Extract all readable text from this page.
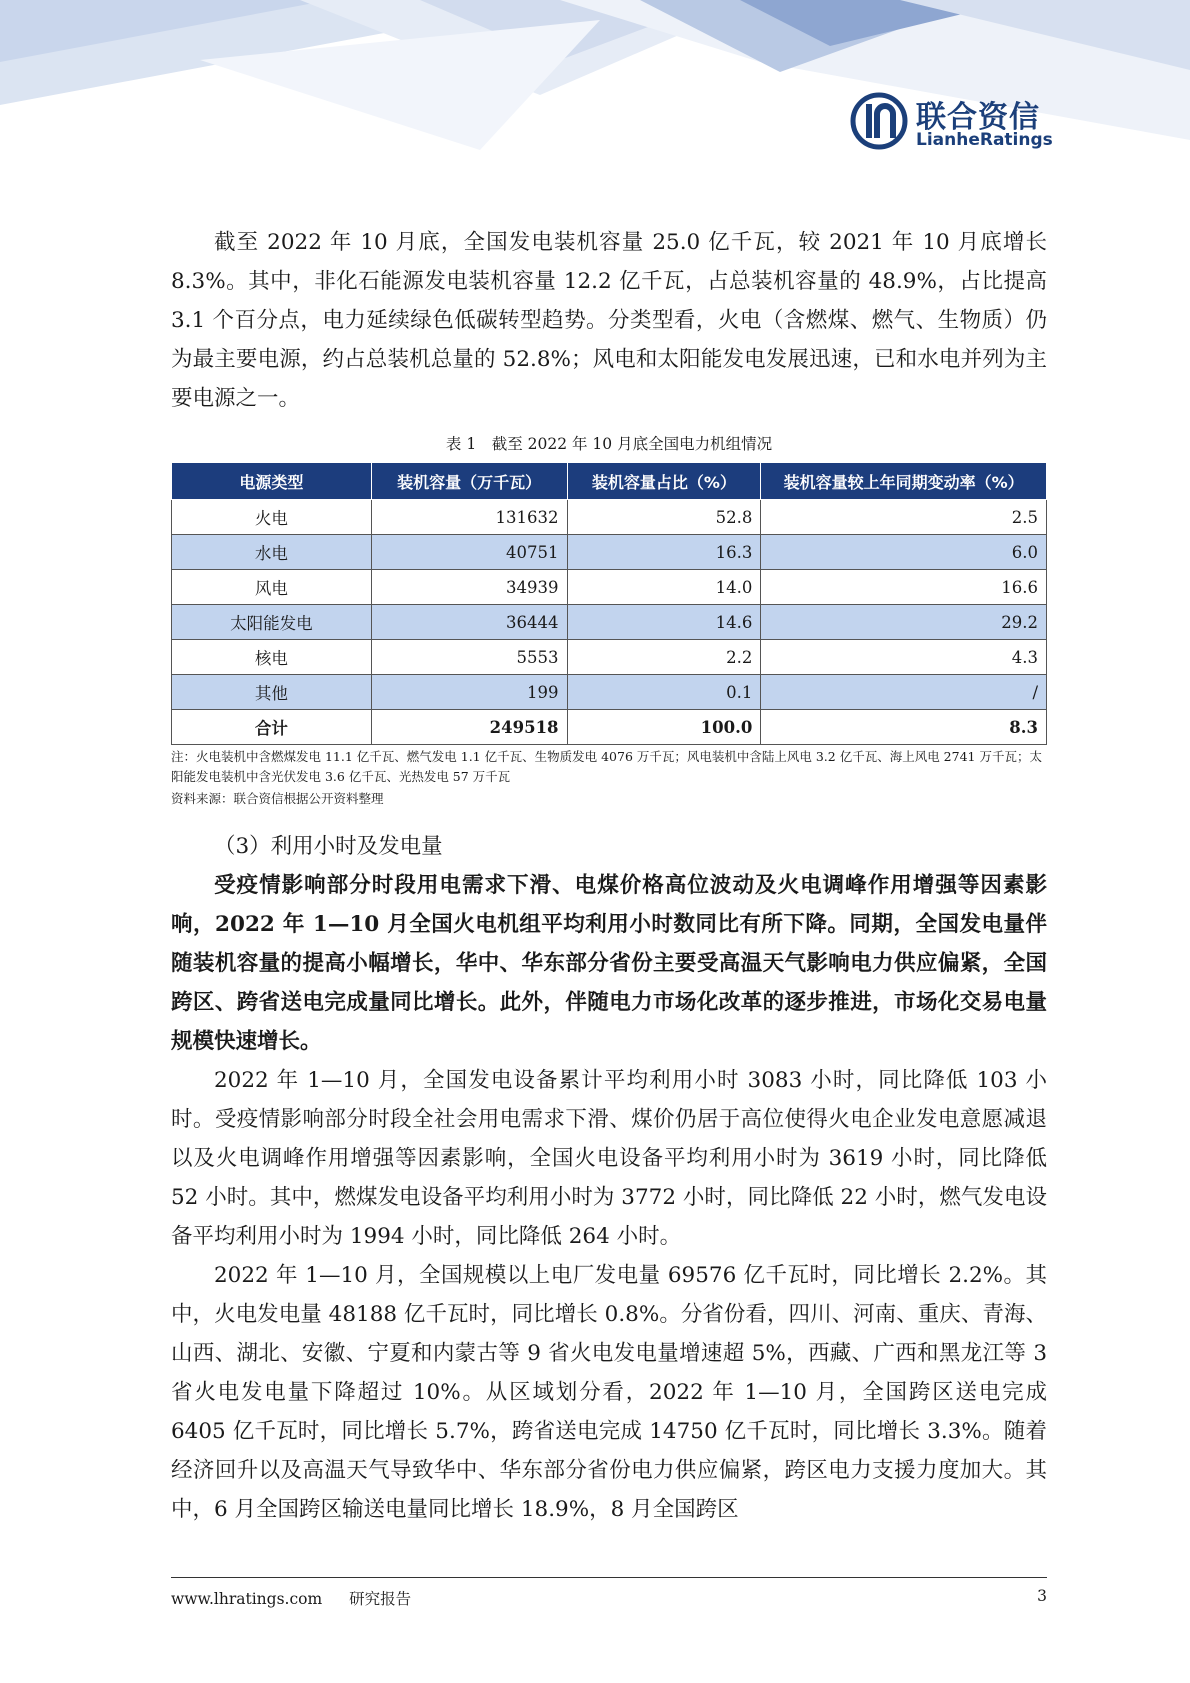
联合资信
LianheRatings

截至 2022 年 10 月底，全国发电装机容量 25.0 亿千瓦，较 2021 年 10 月底增长 8.3%。其中，非化石能源发电装机容量 12.2 亿千瓦，占总装机容量的 48.9%，占比提高 3.1 个百分点，电力延续绿色低碳转型趋势。分类型看，火电（含燃煤、燃气、生物质）仍为最主要电源，约占总装机总量的 52.8%；风电和太阳能发电发展迅速，已和水电并列为主要电源之一。

表 1　截至 2022 年 10 月底全国电力机组情况
电源类型	装机容量（万千瓦）	装机容量占比（%）	装机容量较上年同期变动率（%）
火电	131632	52.8	2.5
水电	40751	16.3	6.0
风电	34939	14.0	16.6
太阳能发电	36444	14.6	29.2
核电	5553	2.2	4.3
其他	199	0.1	/
合计	249518	100.0	8.3
注：火电装机中含燃煤发电 11.1 亿千瓦、燃气发电 1.1 亿千瓦、生物质发电 4076 万千瓦；风电装机中含陆上风电 3.2 亿千瓦、海上风电 2741 万千瓦；太阳能发电装机中含光伏发电 3.6 亿千瓦、光热发电 57 万千瓦
资料来源：联合资信根据公开资料整理
（3）利用小时及发电量

受疫情影响部分时段用电需求下滑、电煤价格高位波动及火电调峰作用增强等因素影响，2022 年 1—10 月全国火电机组平均利用小时数同比有所下降。同期，全国发电量伴随装机容量的提高小幅增长，华中、华东部分省份主要受高温天气影响电力供应偏紧，全国跨区、跨省送电完成量同比增长。此外，伴随电力市场化改革的逐步推进，市场化交易电量规模快速增长。

2022 年 1—10 月，全国发电设备累计平均利用小时 3083 小时，同比降低 103 小时。受疫情影响部分时段全社会用电需求下滑、煤价仍居于高位使得火电企业发电意愿减退以及火电调峰作用增强等因素影响，全国火电设备平均利用小时为 3619 小时，同比降低 52 小时。其中，燃煤发电设备平均利用小时为 3772 小时，同比降低 22 小时，燃气发电设备平均利用小时为 1994 小时，同比降低 264 小时。

2022 年 1—10 月，全国规模以上电厂发电量 69576 亿千瓦时，同比增长 2.2%。其中，火电发电量 48188 亿千瓦时，同比增长 0.8%。分省份看，四川、河南、重庆、青海、山西、湖北、安徽、宁夏和内蒙古等 9 省火电发电量增速超 5%，西藏、广西和黑龙江等 3 省火电发电量下降超过 10%。从区域划分看，2022 年 1—10 月，全国跨区送电完成 6405 亿千瓦时，同比增长 5.7%，跨省送电完成 14750 亿千瓦时，同比增长 3.3%。随着经济回升以及高温天气导致华中、华东部分省份电力供应偏紧，跨区电力支援力度加大。其中，6 月全国跨区输送电量同比增长 18.9%，8 月全国跨区

www.lhratings.com 研究报告	3
